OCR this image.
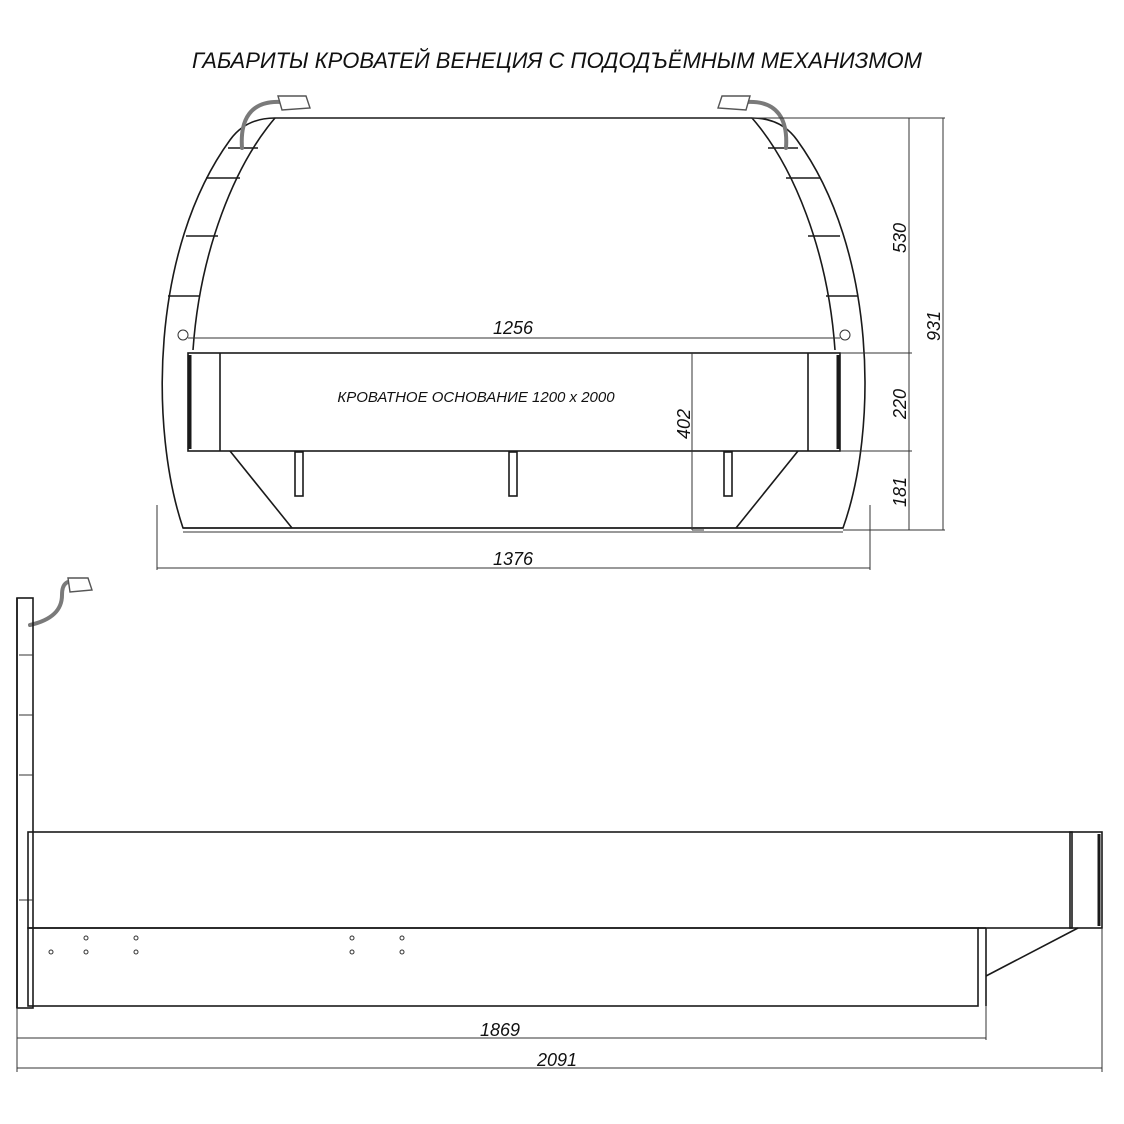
ГАБАРИТЫ КРОВАТЕЙ ВЕНЕЦИЯ С ПОДОДЪЁМНЫМ МЕХАНИЗМОМ
1256
КРОВАТНОЕ ОСНОВАНИЕ 1200 х 2000
402
530
931
220
181
1376
1869
2091
